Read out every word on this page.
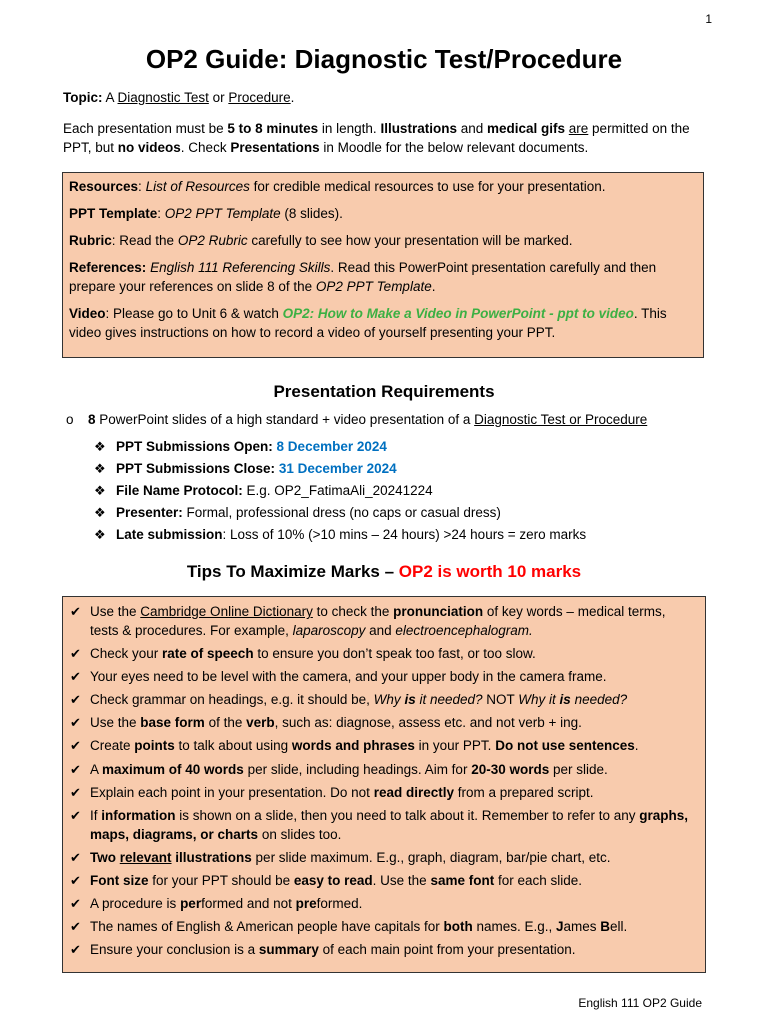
1
OP2 Guide: Diagnostic Test/Procedure
Topic: A Diagnostic Test or Procedure.
Each presentation must be 5 to 8 minutes in length. Illustrations and medical gifs are permitted on the PPT, but no videos. Check Presentations in Moodle for the below relevant documents.

Resources: List of Resources for credible medical resources to use for your presentation.

PPT Template: OP2 PPT Template (8 slides).

Rubric: Read the OP2 Rubric carefully to see how your presentation will be marked.

References: English 111 Referencing Skills. Read this PowerPoint presentation carefully and then prepare your references on slide 8 of the OP2 PPT Template.

Video: Please go to Unit 6 & watch OP2: How to Make a Video in PowerPoint - ppt to video. This video gives instructions on how to record a video of yourself presenting your PPT.

Presentation Requirements
o 8 PowerPoint slides of a high standard + video presentation of a Diagnostic Test or Procedure
❖ PPT Submissions Open: 8 December 2024
❖ PPT Submissions Close: 31 December 2024
❖ File Name Protocol: E.g. OP2_FatimaAli_20241224
❖ Presenter: Formal, professional dress (no caps or casual dress)
❖ Late submission: Loss of 10% (>10 mins – 24 hours) >24 hours = zero marks
Tips To Maximize Marks – OP2 is worth 10 marks
✔ Use the Cambridge Online Dictionary to check the pronunciation of key words – medical terms, tests & procedures. For example, laparoscopy and electroencephalogram.
✔ Check your rate of speech to ensure you don’t speak too fast, or too slow.
✔ Your eyes need to be level with the camera, and your upper body in the camera frame.
✔ Check grammar on headings, e.g. it should be, Why is it needed? NOT Why it is needed?
✔ Use the base form of the verb, such as: diagnose, assess etc. and not verb + ing.
✔ Create points to talk about using words and phrases in your PPT. Do not use sentences.
✔ A maximum of 40 words per slide, including headings. Aim for 20-30 words per slide.
✔ Explain each point in your presentation. Do not read directly from a prepared script.
✔ If information is shown on a slide, then you need to talk about it. Remember to refer to any graphs, maps, diagrams, or charts on slides too.
✔ Two relevant illustrations per slide maximum. E.g., graph, diagram, bar/pie chart, etc.
✔ Font size for your PPT should be easy to read. Use the same font for each slide.
✔ A procedure is performed and not preformed.
✔ The names of English & American people have capitals for both names. E.g., James Bell.
✔ Ensure your conclusion is a summary of each main point from your presentation.
English 111 OP2 Guide
